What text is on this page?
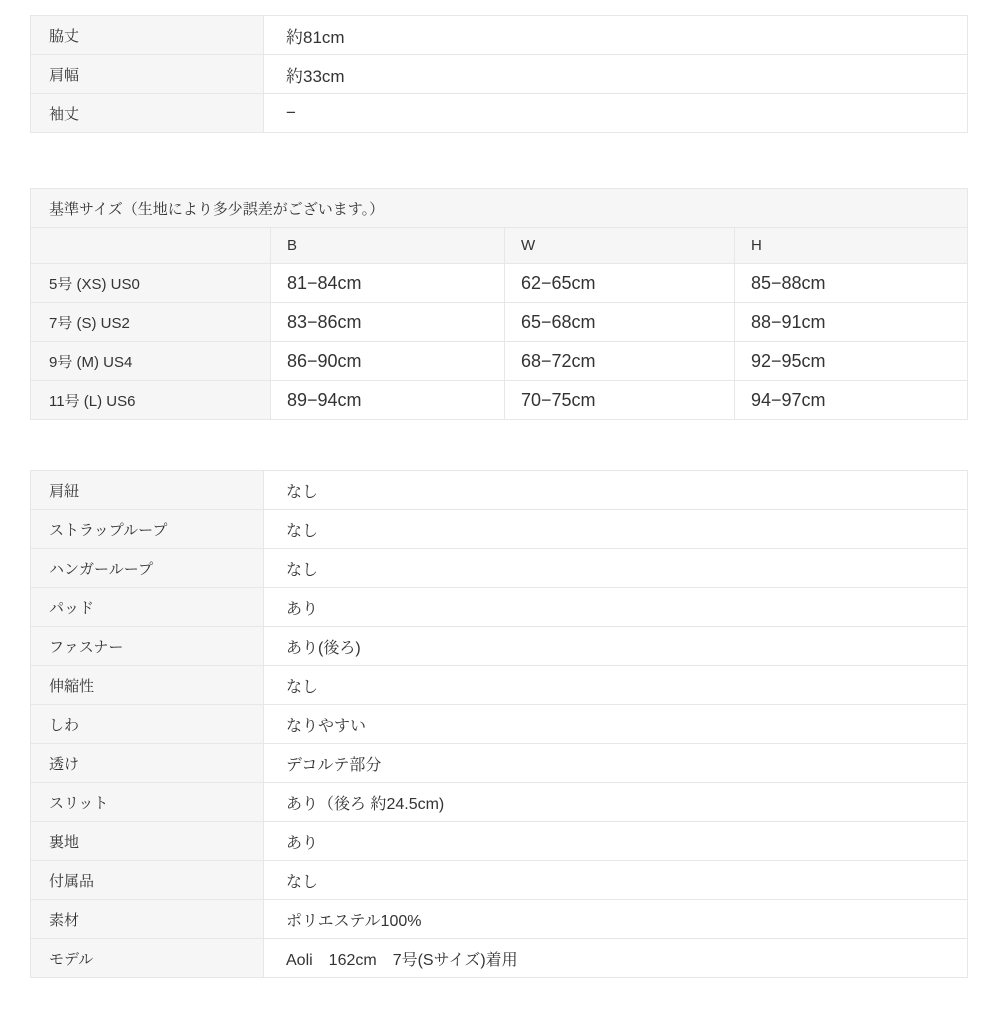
脇丈	約81cm
肩幅	約33cm
袖丈	−
基準サイズ（生地により多少誤差がございます。）			
	B	W	H
5号 (XS) US0	81−84cm	62−65cm	85−88cm
7号 (S) US2	83−86cm	65−68cm	88−91cm
9号 (M) US4	86−90cm	68−72cm	92−95cm
11号 (L) US6	89−94cm	70−75cm	94−97cm
肩紐	なし
ストラップループ	なし
ハンガーループ	なし
パッド	あり
ファスナー	あり(後ろ)
伸縮性	なし
しわ	なりやすい
透け	デコルテ部分
スリット	あり（後ろ 約24.5cm)
裏地	あり
付属品	なし
素材	ポリエステル100%
モデル	Aoli　162cm　7号(Sサイズ)着用
